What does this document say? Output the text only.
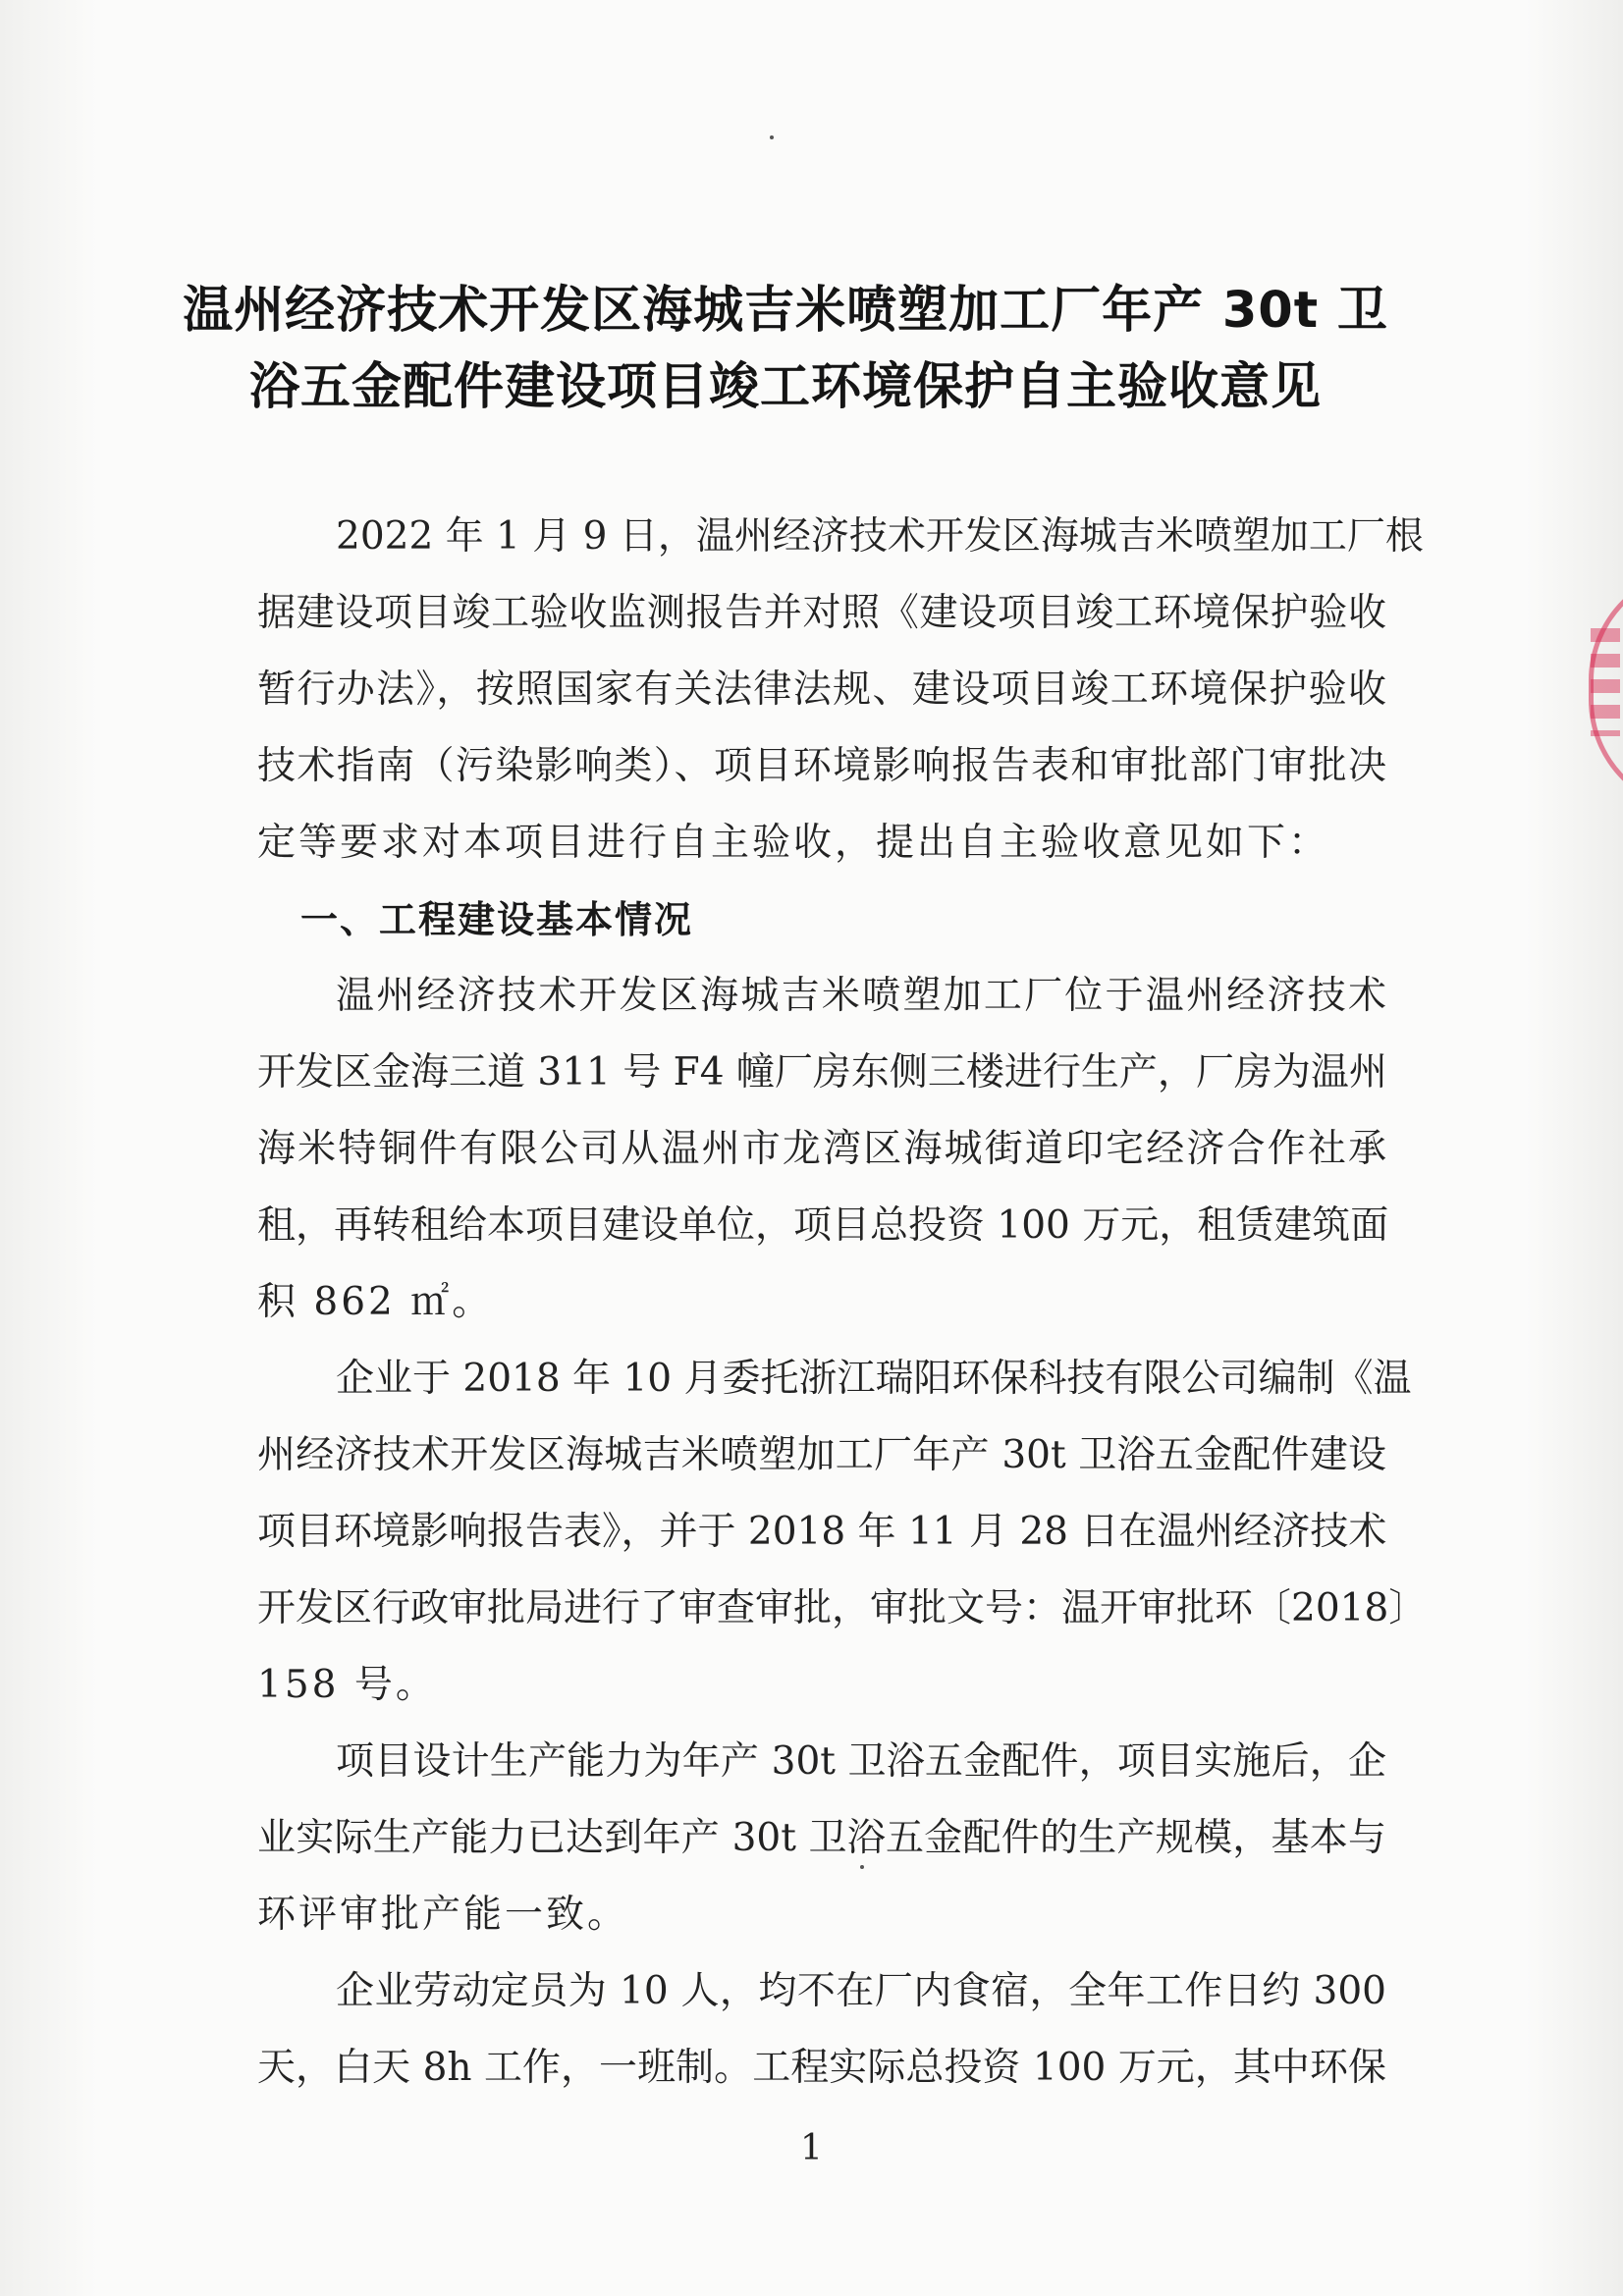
温州经济技术开发区海城吉米喷塑加工厂年产 30t 卫
浴五金配件建设项目竣工环境保护自主验收意见
2022 年 1 月 9 日，温州经济技术开发区海城吉米喷塑加工厂根
据建设项目竣工验收监测报告并对照《建设项目竣工环境保护验收
暂行办法》，按照国家有关法律法规、建设项目竣工环境保护验收
技术指南（污染影响类）、项目环境影响报告表和审批部门审批决
定等要求对本项目进行自主验收，提出自主验收意见如下：
一、工程建设基本情况
温州经济技术开发区海城吉米喷塑加工厂位于温州经济技术
开发区金海三道 311 号 F4 幢厂房东侧三楼进行生产，厂房为温州
海米特铜件有限公司从温州市龙湾区海城街道印宅经济合作社承
租，再转租给本项目建设单位，项目总投资 100 万元，租赁建筑面
积 862 ㎡。
企业于 2018 年 10 月委托浙江瑞阳环保科技有限公司编制《温
州经济技术开发区海城吉米喷塑加工厂年产 30t 卫浴五金配件建设
项目环境影响报告表》，并于 2018 年 11 月 28 日在温州经济技术
开发区行政审批局进行了审查审批，审批文号：温开审批环〔2018〕
158 号。
项目设计生产能力为年产 30t 卫浴五金配件，项目实施后，企
业实际生产能力已达到年产 30t 卫浴五金配件的生产规模，基本与
环评审批产能一致。
企业劳动定员为 10 人，均不在厂内食宿，全年工作日约 300
天，白天 8h 工作，一班制。工程实际总投资 100 万元，其中环保
1
